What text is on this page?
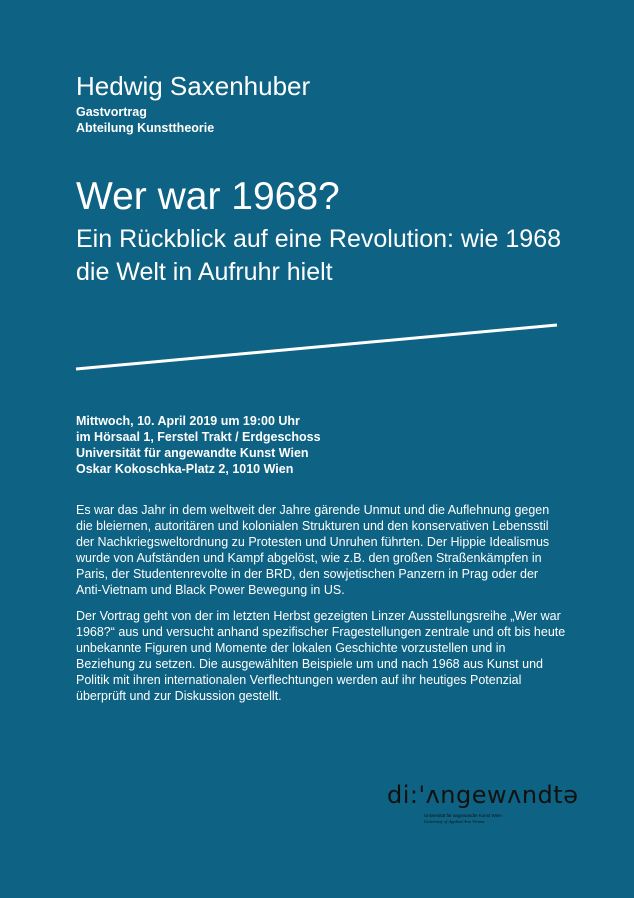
Hedwig Saxenhuber
Gastvortrag
Abteilung Kunsttheorie
Wer war 1968?
Ein Rückblick auf eine Revolution: wie 1968 die Welt in Aufruhr hielt
Mittwoch, 10. April 2019 um 19:00 Uhr
im Hörsaal 1, Ferstel Trakt / Erdgeschoss
Universität für angewandte Kunst Wien
Oskar Kokoschka-Platz 2, 1010 Wien

Es war das Jahr in dem weltweit der Jahre gärende Unmut und die Auflehnung gegen die bleiernen, autoritären und kolonialen Strukturen und den konservativen Lebensstil der Nachkriegsweltordnung zu Protesten und Unruhen führten. Der Hippie Idealismus wurde von Aufständen und Kampf abgelöst, wie z.B. den großen Straßenkämpfen in Paris, der Studentenrevolte in der BRD, den sowjetischen Panzern in Prag oder der Anti-Vietnam und Black Power Bewegung in US.

Der Vortrag geht von der im letzten Herbst gezeigten Linzer Ausstellungsreihe „Wer war 1968?“ aus und versucht anhand spezifischer Fragestellungen zentrale und oft bis heute unbekannte Figuren und Momente der lokalen Geschichte vorzustellen und in Beziehung zu setzen. Die ausgewählten Beispiele um und nach 1968 aus Kunst und Politik mit ihren internationalen Verflechtungen werden auf ihr heutiges Potenzial überprüft und zur Diskussion gestellt.

di:'ʌngewʌndtə
Universität für angewandte Kunst Wien
University of Applied Arts Vienna
